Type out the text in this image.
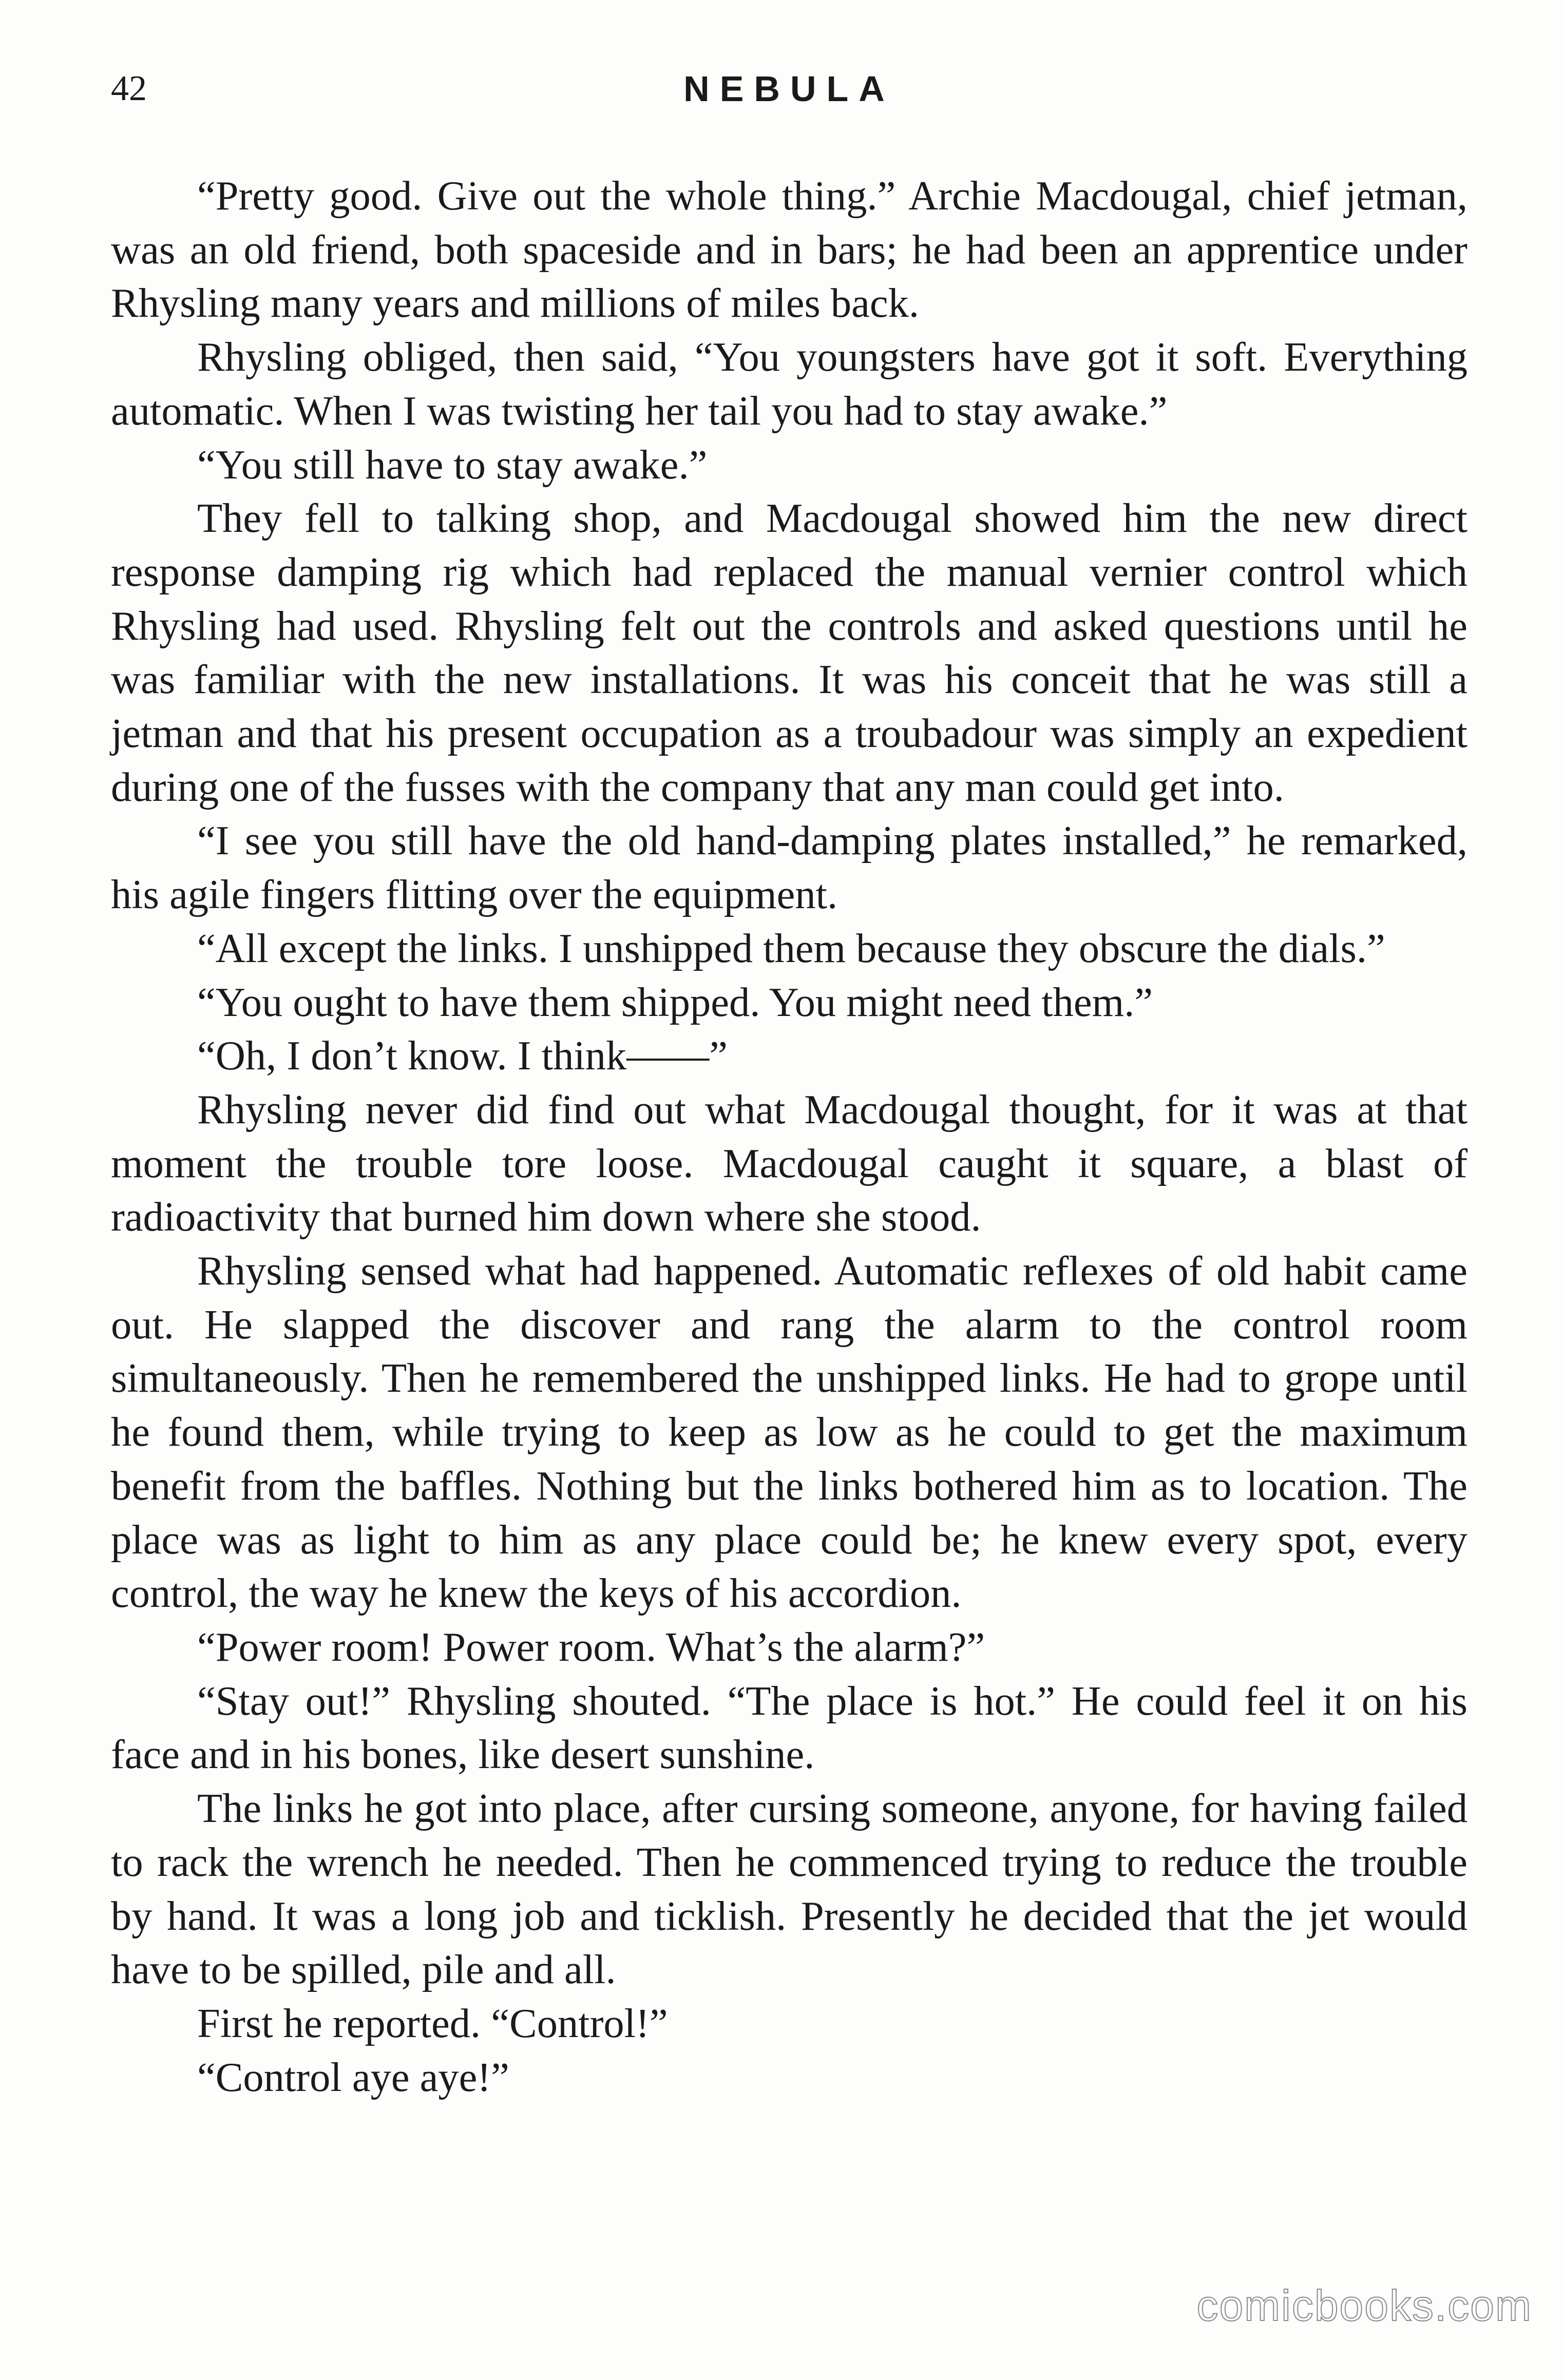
42	NEBULA

“Pretty good. Give out the whole thing.” Archie Macdougal, chief jetman, was an old friend, both spaceside and in bars; he had been an apprentice under Rhysling many years and millions of miles back.

Rhysling obliged, then said, “You youngsters have got it soft. Everything automatic. When I was twisting her tail you had to stay awake.”

“You still have to stay awake.”

They fell to talking shop, and Macdougal showed him the new direct response damping rig which had replaced the manual vernier control which Rhysling had used. Rhysling felt out the controls and asked questions until he was familiar with the new installations. It was his conceit that he was still a jetman and that his present occupation as a troubadour was simply an expedient during one of the fusses with the company that any man could get into.

“I see you still have the old hand-damping plates installed,” he remarked, his agile fingers flitting over the equipment.

“All except the links. I unshipped them because they obscure the dials.”

“You ought to have them shipped. You might need them.”

“Oh, I don’t know. I think——”

Rhysling never did find out what Macdougal thought, for it was at that moment the trouble tore loose. Macdougal caught it square, a blast of radioactivity that burned him down where she stood.

Rhysling sensed what had happened. Automatic reflexes of old habit came out. He slapped the discover and rang the alarm to the control room simultaneously. Then he remembered the unshipped links. He had to grope until he found them, while trying to keep as low as he could to get the maximum benefit from the baffles. Nothing but the links bothered him as to location. The place was as light to him as any place could be; he knew every spot, every control, the way he knew the keys of his accordion.

“Power room! Power room. What’s the alarm?”

“Stay out!” Rhysling shouted. “The place is hot.” He could feel it on his face and in his bones, like desert sunshine.

The links he got into place, after cursing someone, anyone, for having failed to rack the wrench he needed. Then he commenced trying to reduce the trouble by hand. It was a long job and ticklish. Presently he decided that the jet would have to be spilled, pile and all.

First he reported. “Control!”

“Control aye aye!”

comicbooks.com
